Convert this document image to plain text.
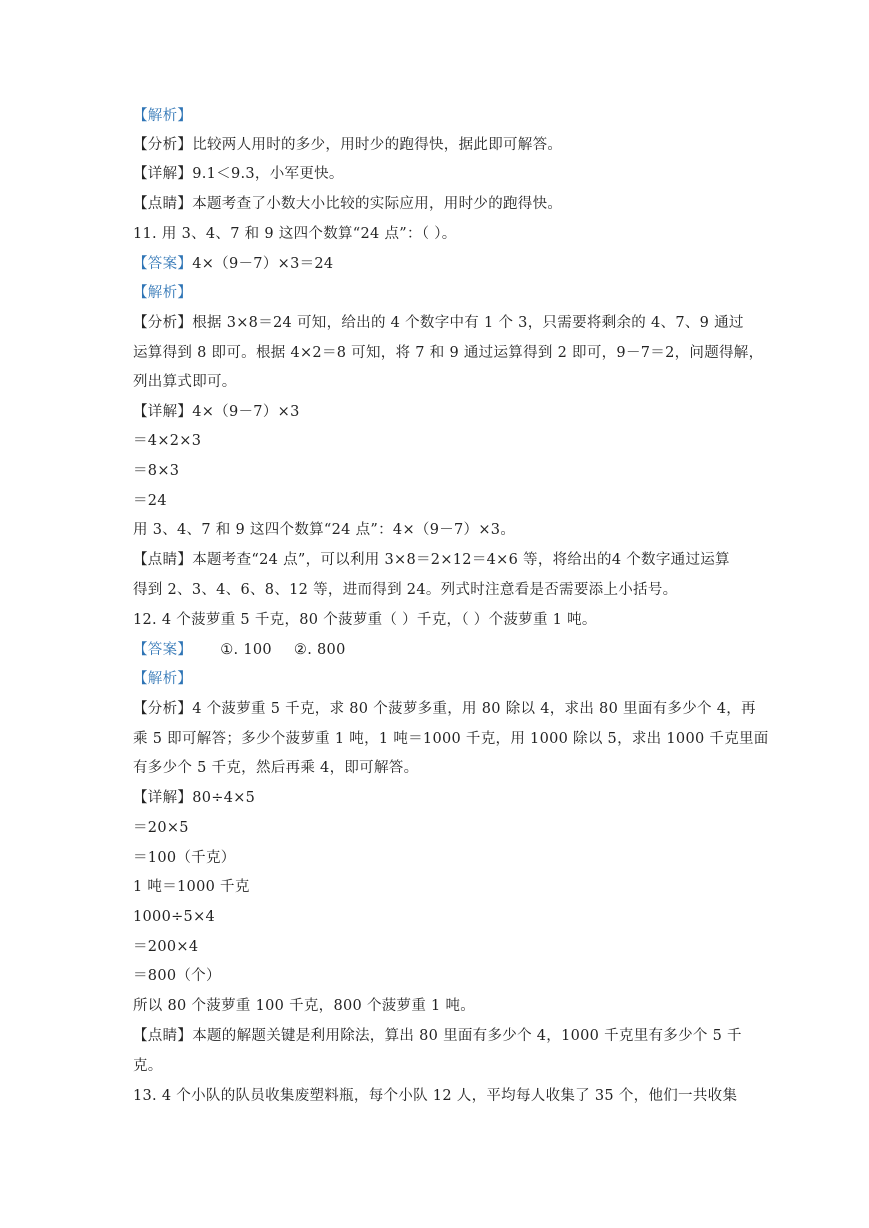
【解析】
【分析】比较两人用时的多少，用时少的跑得快，据此即可解答。
【详解】9.1＜9.3，小军更快。
【点睛】本题考查了小数大小比较的实际应用，用时少的跑得快。
11. 用 3、4、7 和 9 这四个数算“24 点”：（ ）。
【答案】4×（9－7）×3＝24
【解析】
【分析】根据 3×8＝24 可知，给出的 4 个数字中有 1 个 3，只需要将剩余的 4、7、9 通过
运算得到 8 即可。根据 4×2＝8 可知，将 7 和 9 通过运算得到 2 即可，9－7＝2，问题得解，
列出算式即可。
【详解】4×（9－7）×3
＝4×2×3
＝8×3
＝24
用 3、4、7 和 9 这四个数算“24 点”：4×（9－7）×3。
【点睛】本题考查“24 点”，可以利用 3×8＝2×12＝4×6 等，将给出的4 个数字通过运算
得到 2、3、4、6、8、12 等，进而得到 24。列式时注意看是否需要添上小括号。
12. 4 个菠萝重 5 千克，80 个菠萝重（ ）千克，（ ）个菠萝重 1 吨。
【答案】 ①. 100 ②. 800
【解析】
【分析】4 个菠萝重 5 千克，求 80 个菠萝多重，用 80 除以 4，求出 80 里面有多少个 4，再
乘 5 即可解答；多少个菠萝重 1 吨，1 吨＝1000 千克，用 1000 除以 5，求出 1000 千克里面
有多少个 5 千克，然后再乘 4，即可解答。
【详解】80÷4×5
＝20×5
＝100（千克）
1 吨＝1000 千克
1000÷5×4
＝200×4
＝800（个）
所以 80 个菠萝重 100 千克，800 个菠萝重 1 吨。
【点睛】本题的解题关键是利用除法，算出 80 里面有多少个 4，1000 千克里有多少个 5 千
克。
13. 4 个小队的队员收集废塑料瓶，每个小队 12 人，平均每人收集了 35 个，他们一共收集
